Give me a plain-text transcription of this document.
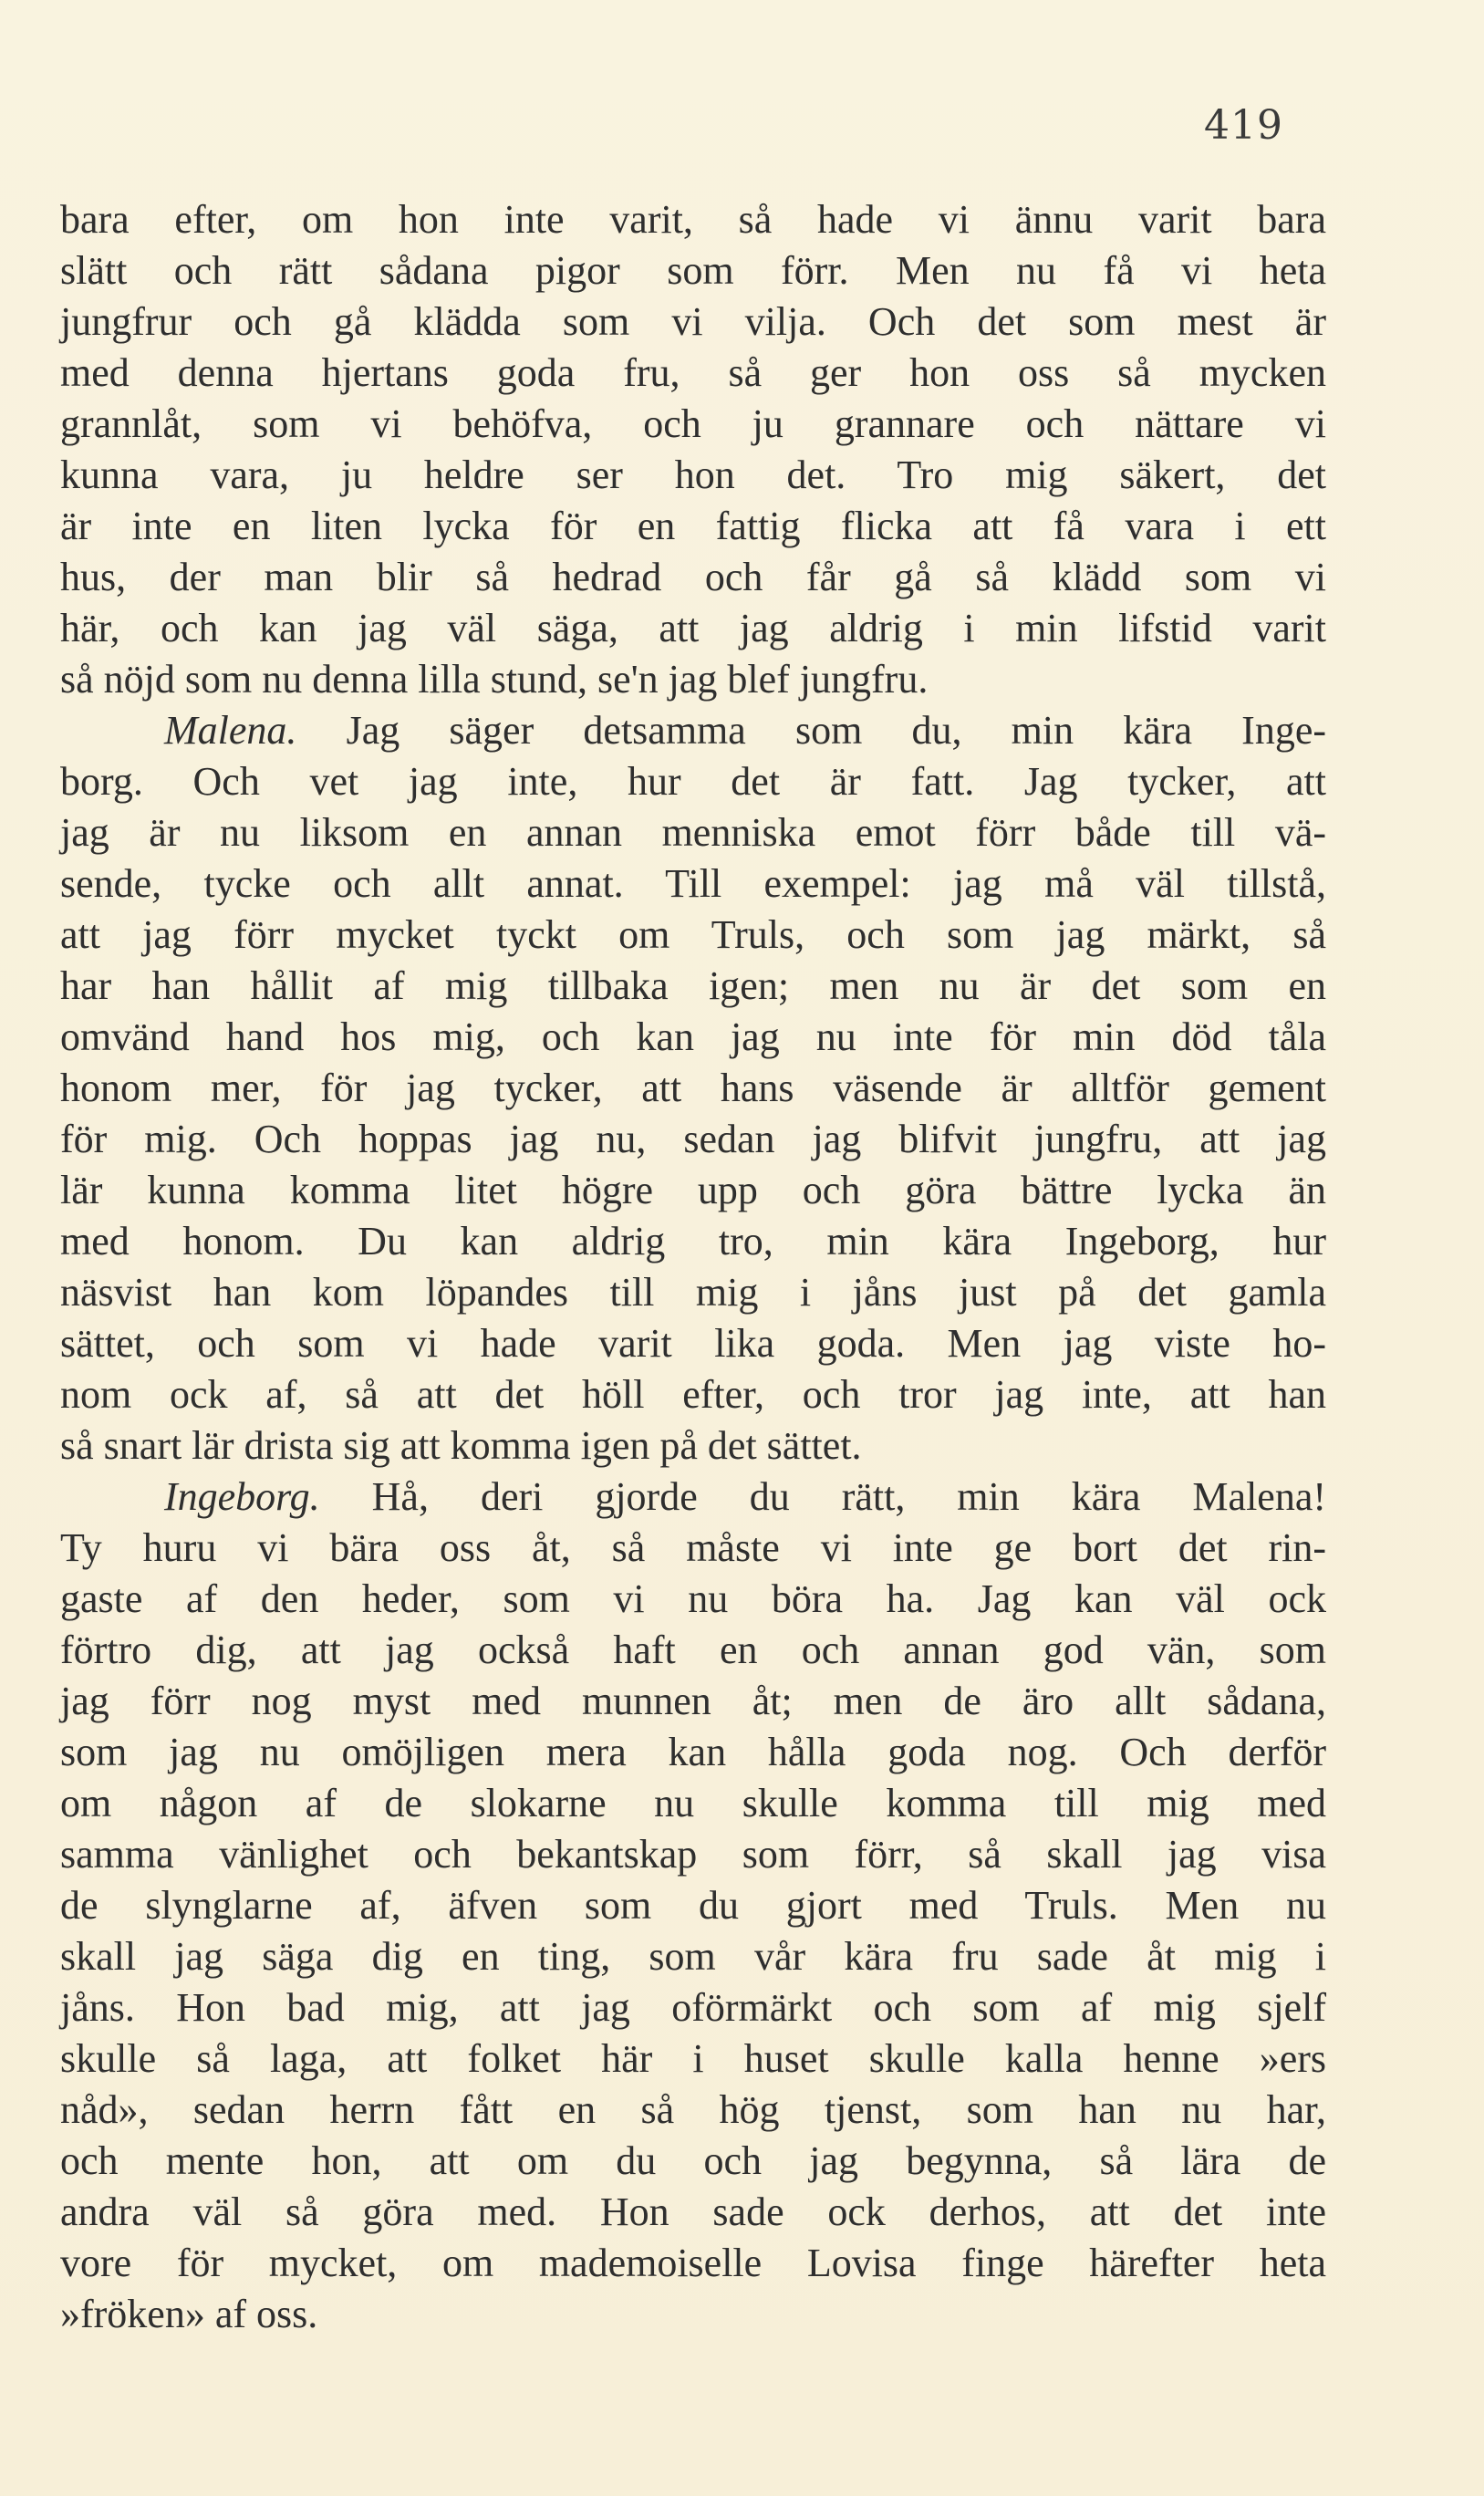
419
bara efter, om hon inte varit, så hade vi ännu varit bara
slätt och rätt sådana pigor som förr. Men nu få vi heta
jungfrur och gå klädda som vi vilja. Och det som mest är
med denna hjertans goda fru, så ger hon oss så mycken
grannlåt, som vi behöfva, och ju grannare och nättare vi
kunna vara, ju heldre ser hon det. Tro mig säkert, det
är inte en liten lycka för en fattig flicka att få vara i ett
hus, der man blir så hedrad och får gå så klädd som vi
här, och kan jag väl säga, att jag aldrig i min lifstid varit
så nöjd som nu denna lilla stund, se'n jag blef jungfru.
Malena. Jag säger detsamma som du, min kära Inge-
borg. Och vet jag inte, hur det är fatt. Jag tycker, att
jag är nu liksom en annan menniska emot förr både till vä-
sende, tycke och allt annat. Till exempel: jag må väl tillstå,
att jag förr mycket tyckt om Truls, och som jag märkt, så
har han hållit af mig tillbaka igen; men nu är det som en
omvänd hand hos mig, och kan jag nu inte för min död tåla
honom mer, för jag tycker, att hans väsende är alltför gement
för mig. Och hoppas jag nu, sedan jag blifvit jungfru, att jag
lär kunna komma litet högre upp och göra bättre lycka än
med honom. Du kan aldrig tro, min kära Ingeborg, hur
näsvist han kom löpandes till mig i jåns just på det gamla
sättet, och som vi hade varit lika goda. Men jag viste ho-
nom ock af, så att det höll efter, och tror jag inte, att han
så snart lär drista sig att komma igen på det sättet.
Ingeborg. Hå, deri gjorde du rätt, min kära Malena!
Ty huru vi bära oss åt, så måste vi inte ge bort det rin-
gaste af den heder, som vi nu böra ha. Jag kan väl ock
förtro dig, att jag också haft en och annan god vän, som
jag förr nog myst med munnen åt; men de äro allt sådana,
som jag nu omöjligen mera kan hålla goda nog. Och derför
om någon af de slokarne nu skulle komma till mig med
samma vänlighet och bekantskap som förr, så skall jag visa
de slynglarne af, äfven som du gjort med Truls. Men nu
skall jag säga dig en ting, som vår kära fru sade åt mig i
jåns. Hon bad mig, att jag oförmärkt och som af mig sjelf
skulle så laga, att folket här i huset skulle kalla henne »ers
nåd», sedan herrn fått en så hög tjenst, som han nu har,
och mente hon, att om du och jag begynna, så lära de
andra väl så göra med. Hon sade ock derhos, att det inte
vore för mycket, om mademoiselle Lovisa finge härefter heta
»fröken» af oss.
